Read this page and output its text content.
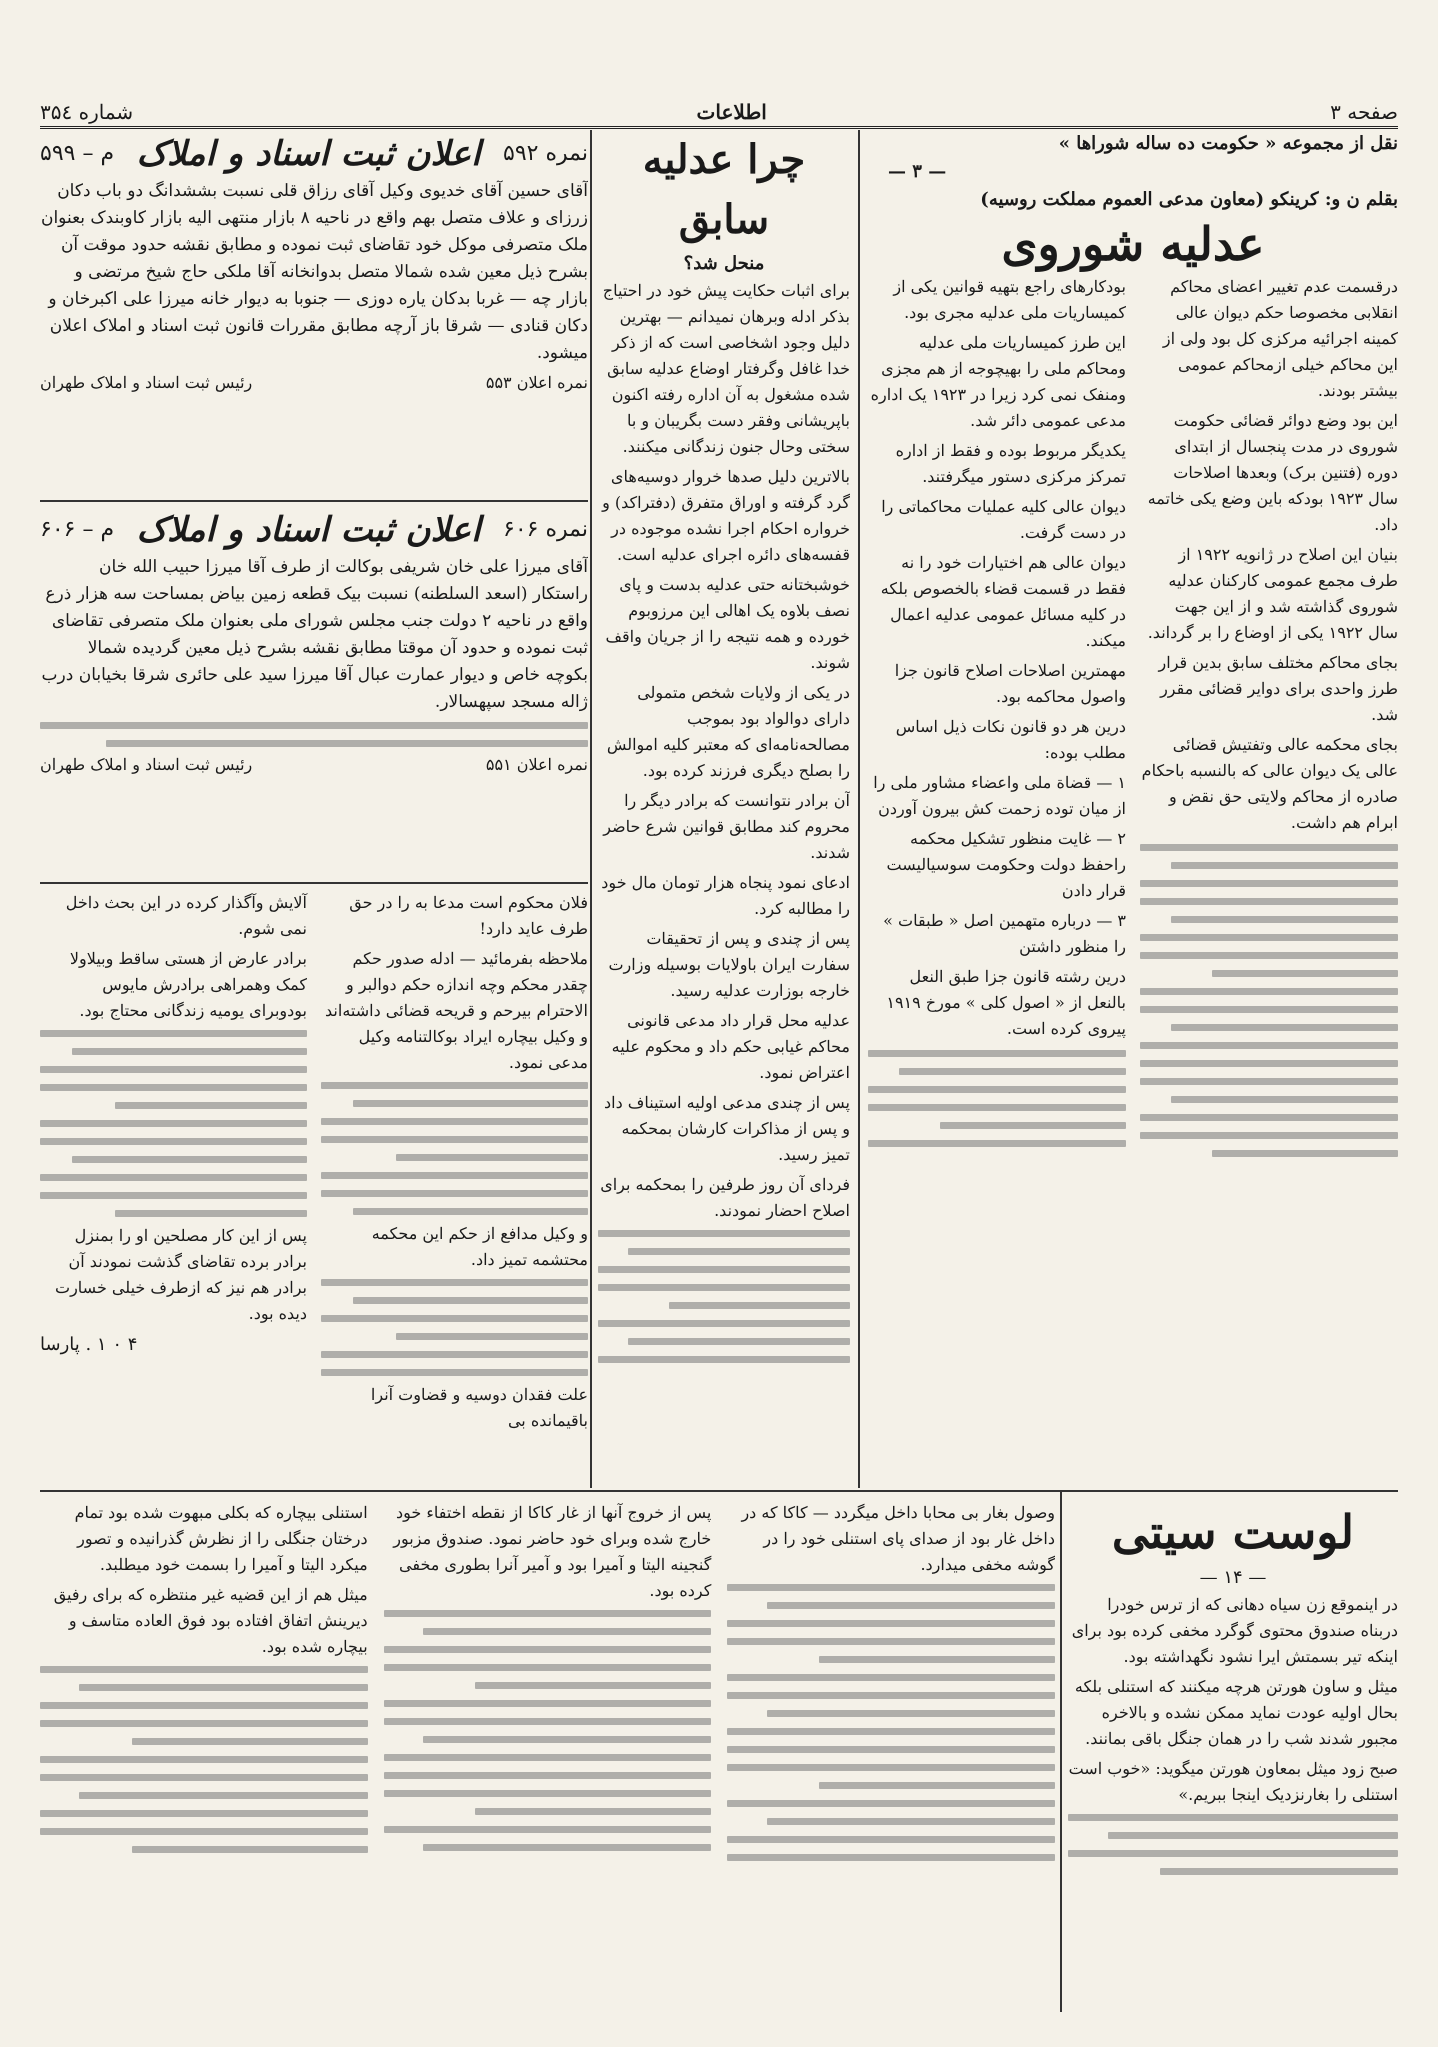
صفحه ۳
اطلاعات
شماره ۳۵٤
نقل از مجموعه « حکومت ده ساله شوراها »
— ۳ —
بقلم ن و: کرینکو (معاون مدعی العموم مملکت روسیه)
عدلیه شوروی

درقسمت عدم تغییر اعضای محاکم انقلابی مخصوصا حکم دیوان عالی کمینه اجرائیه مرکزی کل بود ولی از این محاکم خیلی ازمحاکم عمومی بیشتر بودند.

این بود وضع دوائر قضائی حکومت شوروی در مدت پنجسال از ابتدای دوره (فتنین برک) وبعدها اصلاحات سال ۱۹۲۳ بودکه باین وضع یکی خاتمه داد.

بنیان این اصلاح در ژانویه ۱۹۲۲ از طرف مجمع عمومی کارکنان عدلیه شوروی گذاشته شد و از این جهت سال ۱۹۲۲ یکی از اوضاع را بر گرداند.

بجای محاکم مختلف سابق بدین قرار طرز واحدی برای دوایر قضائی مقرر شد.

بجای محکمه عالی وتفتیش قضائی عالی یک دیوان عالی که بالنسبه باحکام صادره از محاکم ولایتی حق نقض و ابرام هم داشت.

بودکارهای راجع بتهیه قوانین یکی از کمیساریات ملی عدلیه مجری بود.

این طرز کمیساریات ملی عدلیه ومحاکم ملی را بهیچوجه از هم مجزی ومنفک نمی کرد زیرا در ۱۹۲۳ یک اداره مدعی عمومی دائر شد.

یکدیگر مربوط بوده و فقط از اداره تمرکز مرکزی دستور میگرفتند.

دیوان عالی کلیه عملیات محاکماتی را در دست گرفت.

دیوان عالی هم اختیارات خود را نه فقط در قسمت قضاء بالخصوص بلکه در کلیه مسائل عمومی عدلیه اعمال میکند.

مهمترین اصلاحات اصلاح قانون جزا واصول محاکمه بود.

درین هر دو قانون نکات ذیل اساس مطلب بوده:

۱ — قضاة ملی واعضاء مشاور ملی را از میان توده زحمت کش بیرون آوردن

۲ — غایت منظور تشکیل محکمه راحفظ دولت وحکومت سوسیالیست قرار دادن

۳ — درباره متهمین اصل « طبقات » را منظور داشتن

درین رشته قانون جزا طبق النعل بالنعل از « اصول کلی » مورخ ۱۹۱۹ پیروی کرده است.

چرا عدلیه سابق
منحل شد؟

برای اثبات حکایت پیش خود در احتیاج بذکر ادله وبرهان نمیدانم — بهترین دلیل وجود اشخاصی است که از ذکر خدا غافل وگرفتار اوضاع عدلیه سابق شده مشغول به آن اداره رفته اکنون باپریشانی وفقر دست بگریبان و با سختی وحال جنون زندگانی میکنند.

بالاترین دلیل صدها خروار دوسیه‌های گرد گرفته و اوراق متفرق (دفتراکد) و خرواره احکام اجرا نشده موجوده در قفسه‌های دائره اجرای عدلیه است.

خوشبختانه حتی عدلیه بدست و پای نصف بلاوه یک اهالی این مرزوبوم خورده و همه نتیجه را از جریان واقف شوند.

در یکی از ولایات شخص متمولی دارای دوالواد بود بموجب مصالحه‌نامه‌ای که معتبر کلیه اموالش را بصلح دیگری فرزند کرده بود.

آن برادر نتوانست که برادر دیگر را محروم کند مطابق قوانین شرع حاضر شدند.

ادعای نمود پنجاه هزار تومان مال خود را مطالبه کرد.

پس از چندی و پس از تحقیقات سفارت ایران باولایات بوسیله وزارت خارجه بوزارت عدلیه رسید.

عدلیه محل قرار داد مدعی قانونی محاکم غیابی حکم داد و محکوم علیه اعتراض نمود.

پس از چندی مدعی اولیه استیناف داد و پس از مذاکرات کارشان بمحکمه تمیز رسید.

فردای آن روز طرفین را بمحکمه برای اصلاح احضار نمودند.

نمره ۵۹۲
اعلان ثبت اسناد و املاک
م – ۵۹۹

آقای حسین آقای خدیوی وکیل آقای رزاق قلی نسبت بششدانگ دو باب دکان زرزای و علاف متصل بهم واقع در ناحیه ۸ بازار منتهی الیه بازار کاوبندک بعنوان ملک متصرفی موکل خود تقاضای ثبت نموده و مطابق نقشه حدود موقت آن بشرح ذیل معین شده شمالا متصل بدوانخانه آقا ملکی حاج شیخ مرتضی و بازار چه — غربا بدکان یاره دوزی — جنوبا به دیوار خانه میرزا علی اکبرخان و دکان قنادی — شرقا باز آرچه مطابق مقررات قانون ثبت اسناد و املاک اعلان میشود.

نمره اعلان ۵۵۳
رئیس ثبت اسناد و املاک طهران
نمره ۶۰۶
اعلان ثبت اسناد و املاک
م – ۶۰۶

آقای میرزا علی خان شریفی بوکالت از طرف آقا میرزا حبیب الله خان راستکار (اسعد السلطنه) نسبت بیک قطعه زمین بیاض بمساحت سه هزار ذرع واقع در ناحیه ۲ دولت جنب مجلس شورای ملی بعنوان ملک متصرفی تقاضای ثبت نموده و حدود آن موقتا مطابق نقشه بشرح ذیل معین گردیده شمالا بکوچه خاص و دیوار عمارت عبال آقا میرزا سید علی حائری شرقا بخیابان درب ژاله مسجد سپهسالار.

نمره اعلان ۵۵۱
رئیس ثبت اسناد و املاک طهران

فلان محکوم است مدعا به را در حق طرف عاید دارد!

ملاحظه بفرمائید — ادله صدور حکم چقدر محکم وچه اندازه حکم دوالبر و الاحترام بیرحم و قریحه قضائی داشته‌اند و وکیل بیچاره ایراد بوکالتنامه وکیل مدعی نمود.

و وکیل مدافع از حکم این محکمه محتشمه تمیز داد.

علت فقدان دوسیه و قضاوت آنرا باقیمانده بی

آلایش وآگذار کرده در این بحث داخل نمی شوم.

برادر عارض از هستی ساقط وبیلاولا کمک وهمراهی برادرش مایوس بودوبرای یومیه زندگانی محتاج بود.

پس از این کار مصلحین او را بمنزل برادر برده تقاضای گذشت نمودند آن برادر هم نیز که ازطرف خیلی خسارت دیده بود.

۴ ۰ ۱ . پارسا
لوست سیتی
— ۱۴ —

در اینموقع زن سیاه دهانی که از ترس خودرا دربناه صندوق محتوی گوگرد مخفی کرده بود برای اینکه تیر بسمتش ایرا نشود نگهداشته بود.

میثل و ساون هورتن هرچه میکنند که استنلی بلکه بحال اولیه عودت نماید ممکن نشده و بالاخره مجبور شدند شب را در همان جنگل باقی بمانند.

صبح زود میثل بمعاون هورتن میگوید: «خوب است استنلی را بغارنزدیک اینجا ببریم.»

وصول بغار بی محابا داخل میگردد — کاکا که در داخل غار بود از صدای پای استنلی خود را در گوشه مخفی میدارد.

پس از خروج آنها از غار کاکا از نقطه اختفاء خود خارج شده وبرای خود حاضر نمود. صندوق مزبور گنجینه الیتا و آمیرا بود و آمیر آنرا بطوری مخفی کرده بود.

استنلی بیچاره که بکلی مبهوت شده بود تمام درختان جنگلی را از نظرش گذرانیده و تصور میکرد الیتا و آمیرا را بسمت خود میطلبد.

میثل هم از این قضیه غیر منتظره که برای رفیق دیرینش اتفاق افتاده بود فوق العاده متاسف و بیچاره شده بود.
